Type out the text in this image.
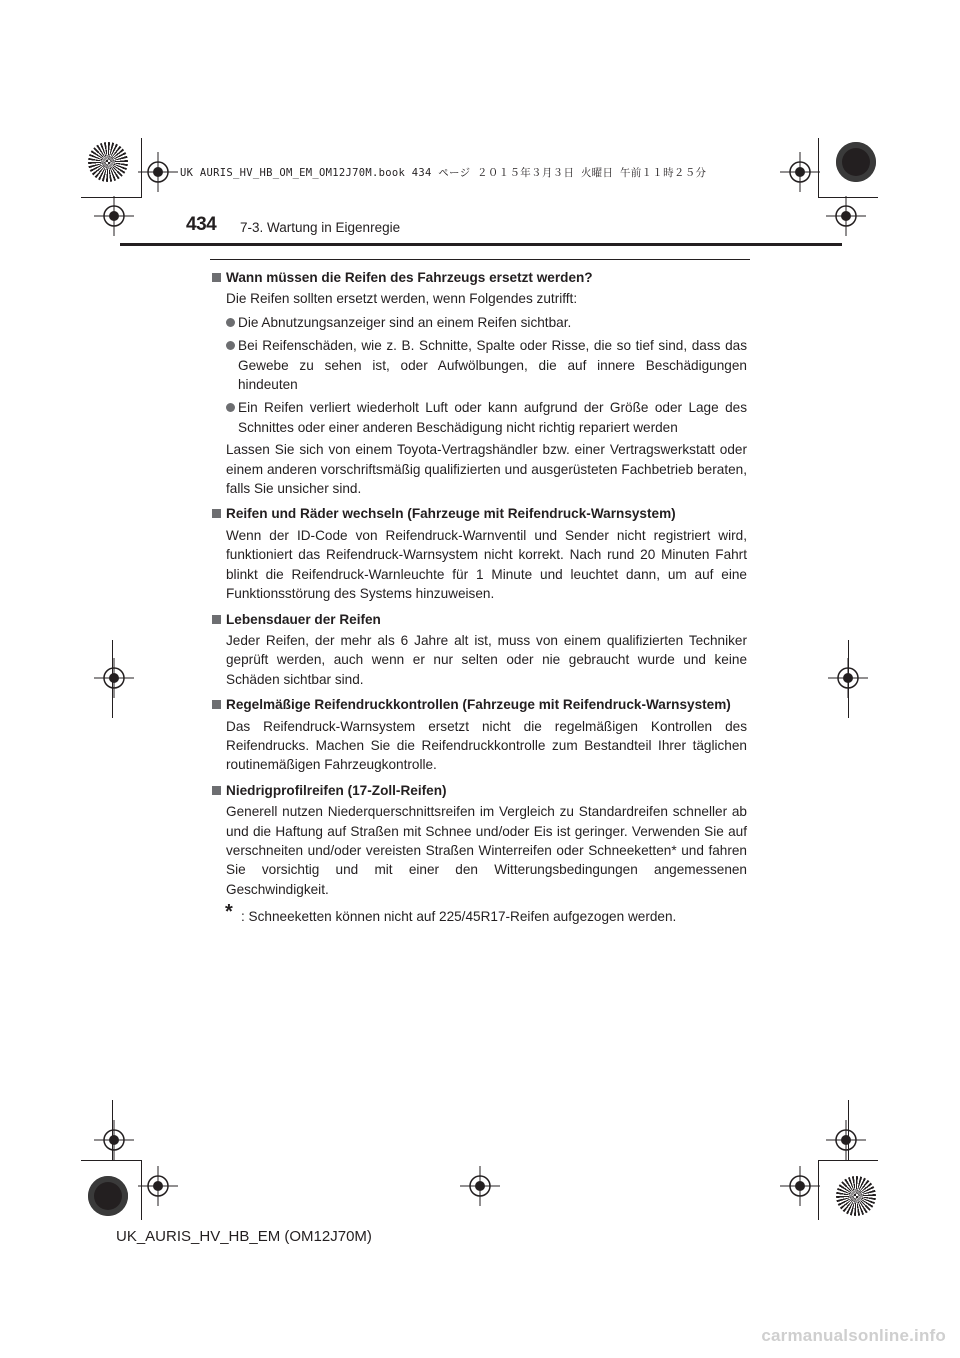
UK AURIS_HV_HB_OM_EM_OM12J70M.book 434 ページ ２０１５年３月３日 火曜日 午前１１時２５分
434 7-3. Wartung in Eigenregie
Wann müssen die Reifen des Fahrzeugs ersetzt werden?
Die Reifen sollten ersetzt werden, wenn Folgendes zutrifft:
Die Abnutzungsanzeiger sind an einem Reifen sichtbar.
Bei Reifenschäden, wie z. B. Schnitte, Spalte oder Risse, die so tief sind, dass das Gewebe zu sehen ist, oder Aufwölbungen, die auf innere Beschädigungen hindeuten
Ein Reifen verliert wiederholt Luft oder kann aufgrund der Größe oder Lage des Schnittes oder einer anderen Beschädigung nicht richtig repariert werden
Lassen Sie sich von einem Toyota-Vertragshändler bzw. einer Vertragswerkstatt oder einem anderen vorschriftsmäßig qualifizierten und ausgerüsteten Fachbetrieb beraten, falls Sie unsicher sind.
Reifen und Räder wechseln (Fahrzeuge mit Reifendruck-Warnsystem)
Wenn der ID-Code von Reifendruck-Warnventil und Sender nicht registriert wird, funktioniert das Reifendruck-Warnsystem nicht korrekt. Nach rund 20 Minuten Fahrt blinkt die Reifendruck-Warnleuchte für 1 Minute und leuchtet dann, um auf eine Funktionsstörung des Systems hinzuweisen.
Lebensdauer der Reifen
Jeder Reifen, der mehr als 6 Jahre alt ist, muss von einem qualifizierten Techniker geprüft werden, auch wenn er nur selten oder nie gebraucht wurde und keine Schäden sichtbar sind.
Regelmäßige Reifendruckkontrollen (Fahrzeuge mit Reifendruck-Warnsystem)
Das Reifendruck-Warnsystem ersetzt nicht die regelmäßigen Kontrollen des Reifendrucks. Machen Sie die Reifendruckkontrolle zum Bestandteil Ihrer täglichen routinemäßigen Fahrzeugkontrolle.
Niedrigprofilreifen (17-Zoll-Reifen)
Generell nutzen Niederquerschnittsreifen im Vergleich zu Standardreifen schneller ab und die Haftung auf Straßen mit Schnee und/oder Eis ist geringer. Verwenden Sie auf verschneiten und/oder vereisten Straßen Winterreifen oder Schneeketten* und fahren Sie vorsichtig und mit einer den Witterungsbedingungen angemessenen Geschwindigkeit.
* : Schneeketten können nicht auf 225/45R17-Reifen aufgezogen werden.
UK_AURIS_HV_HB_EM (OM12J70M)
carmanualsonline.info
